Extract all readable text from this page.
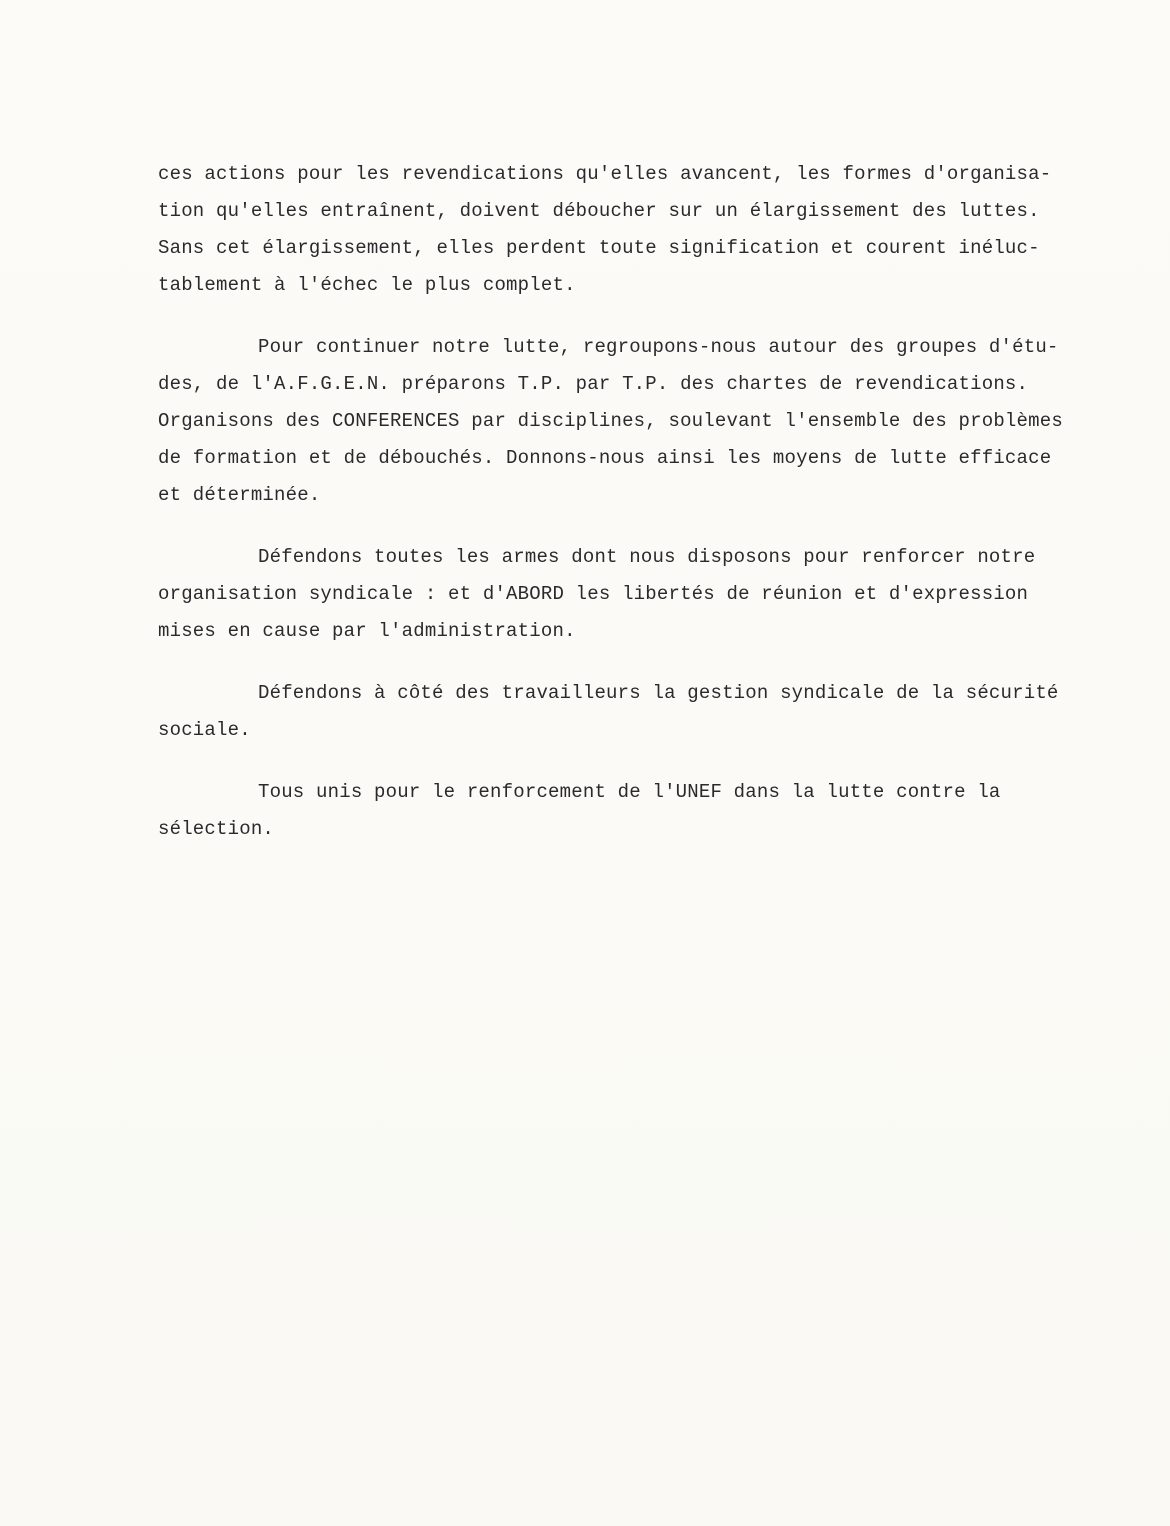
ces actions pour les revendications qu'elles avancent, les formes d'organisa-
tion qu'elles entraînent, doivent déboucher sur un élargissement des luttes.
Sans cet élargissement, elles perdent toute signification et courent inéluc-
tablement à l'échec le plus complet.
Pour continuer notre lutte, regroupons-nous autour des groupes d'étu-
des, de l'A.F.G.E.N. préparons T.P. par T.P. des chartes de revendications.
Organisons des CONFERENCES par disciplines, soulevant l'ensemble des problèmes
de formation et de débouchés. Donnons-nous ainsi les moyens de lutte efficace
et déterminée.
Défendons toutes les armes dont nous disposons pour renforcer notre
organisation syndicale : et d'ABORD les libertés de réunion et d'expression
mises en cause par l'administration.
Défendons à côté des travailleurs la gestion syndicale de la sécurité
sociale.
Tous unis pour le renforcement de l'UNEF dans la lutte contre la
sélection.
